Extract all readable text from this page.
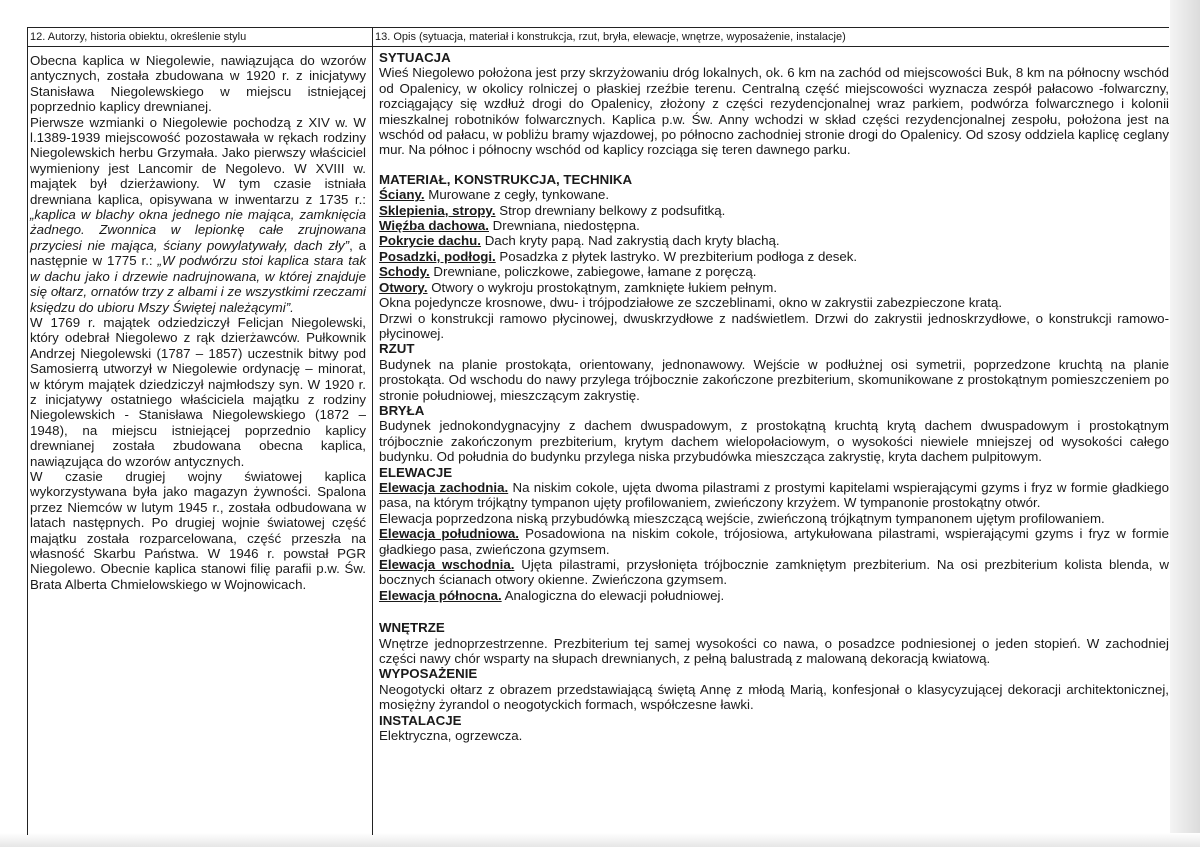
12. Autorzy, historia obiektu, określenie stylu	13. Opis (sytuacja, materiał i konstrukcja, rzut, bryła, elewacje, wnętrze, wyposażenie, instalacje)

Obecna kaplica w Niegolewie, nawiązująca do wzorów antycznych, została zbudowana w 1920 r. z inicjatywy Stanisława Niegolewskiego w miejscu istniejącej poprzednio kaplicy drewnianej.

Pierwsze wzmianki o Niegolewie pochodzą z XIV w. W l.1389-1939 miejscowość pozostawała w rękach rodziny Niegolewskich herbu Grzymała. Jako pierwszy właściciel wymieniony jest Lancomir de Negolevo. W XVIII w. majątek był dzierżawiony. W tym czasie istniała drewniana kaplica, opisywana w inwentarzu z 1735 r.: „kaplica w blachy okna jednego nie mająca, zamknięcia żadnego. Zwonnica w lepionkę całe zrujnowana przyciesi nie mająca, ściany powylatywały, dach zły”, a następnie w 1775 r.: „W podwórzu stoi kaplica stara tak w dachu jako i drzewie nadrujnowana, w której znajduje się ołtarz, ornatów trzy z albami i ze wszystkimi rzeczami księdzu do ubioru Mszy Świętej należącymi”.

W 1769 r. majątek odziedziczył Felicjan Niegolewski, który odebrał Niegolewo z rąk dzierżawców. Pułkownik Andrzej Niegolewski (1787 – 1857) uczestnik bitwy pod Samosierrą utworzył w Niegolewie ordynację – minorat, w którym majątek dziedziczył najmłodszy syn. W 1920 r. z inicjatywy ostatniego właściciela majątku z rodziny Niegolewskich - Stanisława Niegolewskiego (1872 – 1948), na miejscu istniejącej poprzednio kaplicy drewnianej została zbudowana obecna kaplica, nawiązująca do wzorów antycznych.

W czasie drugiej wojny światowej kaplica wykorzystywana była jako magazyn żywności. Spalona przez Niemców w lutym 1945 r., została odbudowana w latach następnych. Po drugiej wojnie światowej część majątku została rozparcelowana, część przeszła na własność Skarbu Państwa. W 1946 r. powstał PGR Niegolewo. Obecnie kaplica stanowi filię parafii p.w. Św. Brata Alberta Chmielowskiego w Wojnowicach.

SYTUACJA

Wieś Niegolewo położona jest przy skrzyżowaniu dróg lokalnych, ok. 6 km na zachód od miejscowości Buk, 8 km na północny wschód od Opalenicy, w okolicy rolniczej o płaskiej rzeźbie terenu. Centralną część miejscowości wyznacza zespół pałacowo -folwarczny, rozciągający się wzdłuż drogi do Opalenicy, złożony z części rezydencjonalnej wraz parkiem, podwórza folwarcznego i kolonii mieszkalnej robotników folwarcznych. Kaplica p.w. Św. Anny wchodzi w skład części rezydencjonalnej zespołu, położona jest na wschód od pałacu, w pobliżu bramy wjazdowej, po północno zachodniej stronie drogi do Opalenicy. Od szosy oddziela kaplicę ceglany mur. Na północ i północny wschód od kaplicy rozciąga się teren dawnego parku.

MATERIAŁ, KONSTRUKCJA, TECHNIKA

Ściany. Murowane z cegły, tynkowane.

Sklepienia, stropy. Strop drewniany belkowy z podsufitką.

Więźba dachowa. Drewniana, niedostępna.

Pokrycie dachu. Dach kryty papą. Nad zakrystią dach kryty blachą.

Posadzki, podłogi. Posadzka z płytek lastryko. W prezbiterium podłoga z desek.

Schody. Drewniane, policzkowe, zabiegowe, łamane z poręczą.

Otwory. Otwory o wykroju prostokątnym, zamknięte łukiem pełnym.

Okna pojedyncze krosnowe, dwu- i trójpodziałowe ze szczeblinami, okno w zakrystii zabezpieczone kratą.

Drzwi o konstrukcji ramowo płycinowej, dwuskrzydłowe z nadświetlem. Drzwi do zakrystii jednoskrzydłowe, o konstrukcji ramowo-płycinowej.

RZUT

Budynek na planie prostokąta, orientowany, jednonawowy. Wejście w podłużnej osi symetrii, poprzedzone kruchtą na planie prostokąta. Od wschodu do nawy przylega trójbocznie zakończone prezbiterium, skomunikowane z prostokątnym pomieszczeniem po stronie południowej, mieszczącym zakrystię.

BRYŁA

Budynek jednokondygnacyjny z dachem dwuspadowym, z prostokątną kruchtą krytą dachem dwuspadowym i prostokątnym trójbocznie zakończonym prezbiterium, krytym dachem wielopołaciowym, o wysokości niewiele mniejszej od wysokości całego budynku. Od południa do budynku przylega niska przybudówka mieszcząca zakrystię, kryta dachem pulpitowym.

ELEWACJE

Elewacja zachodnia. Na niskim cokole, ujęta dwoma pilastrami z prostymi kapitelami wspierającymi gzyms i fryz w formie gładkiego pasa, na którym trójkątny tympanon ujęty profilowaniem, zwieńczony krzyżem. W tympanonie prostokątny otwór.

Elewacja poprzedzona niską przybudówką mieszczącą wejście, zwieńczoną trójkątnym tympanonem ujętym profilowaniem.

Elewacja południowa. Posadowiona na niskim cokole, trójosiowa, artykułowana pilastrami, wspierającymi gzyms i fryz w formie gładkiego pasa, zwieńczona gzymsem.

Elewacja wschodnia. Ujęta pilastrami, przysłonięta trójbocznie zamkniętym prezbiterium. Na osi prezbiterium kolista blenda, w bocznych ścianach otwory okienne. Zwieńczona gzymsem.

Elewacja północna. Analogiczna do elewacji południowej.

WNĘTRZE

Wnętrze jednoprzestrzenne. Prezbiterium tej samej wysokości co nawa, o posadzce podniesionej o jeden stopień. W zachodniej części nawy chór wsparty na słupach drewnianych, z pełną balustradą z malowaną dekoracją kwiatową.

WYPOSAŻENIE

Neogotycki ołtarz z obrazem przedstawiającą świętą Annę z młodą Marią, konfesjonał o klasycyzującej dekoracji architektonicznej, mosiężny żyrandol o neogotyckich formach, współczesne ławki.

INSTALACJE

Elektryczna, ogrzewcza.
